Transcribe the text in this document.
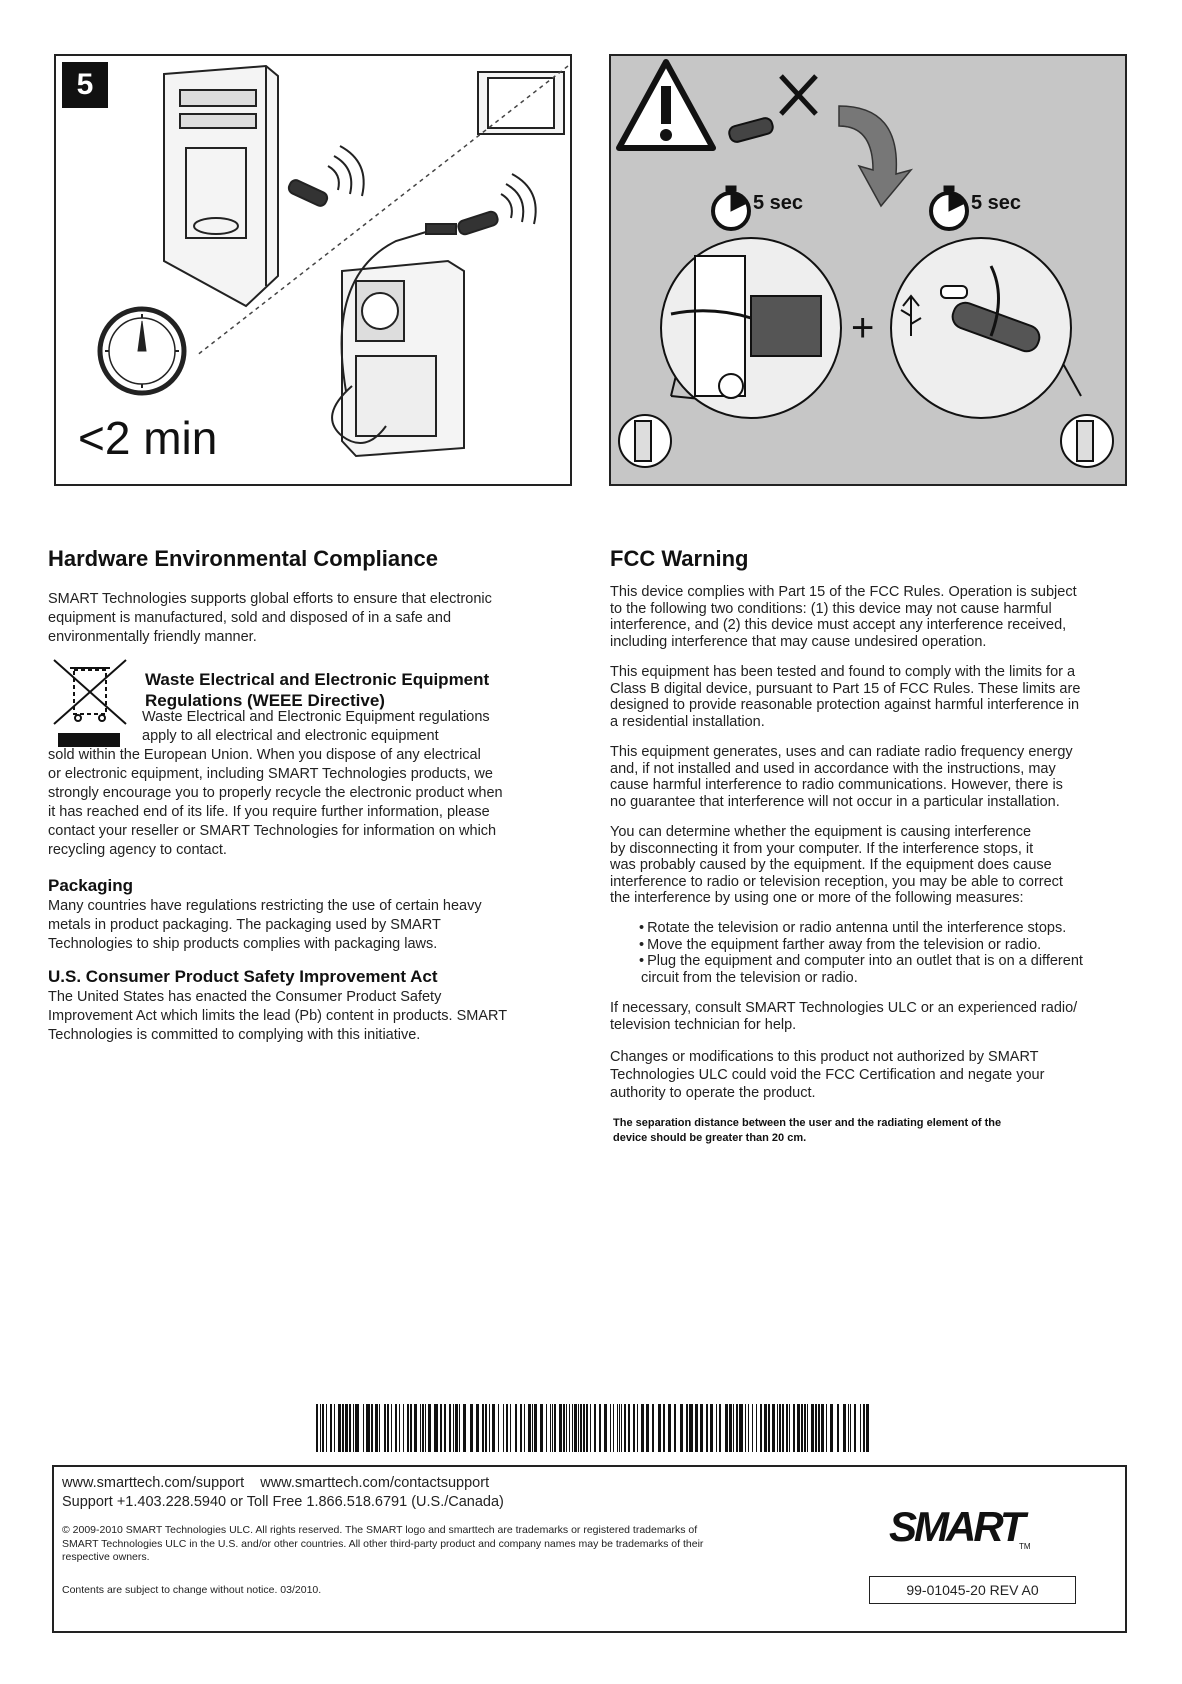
5
<2 min
5 sec	5 sec
+
Hardware Environmental Compliance

SMART Technologies supports global efforts to ensure that electronic
equipment is manufactured, sold and disposed of in a safe and
environmentally friendly manner.

Waste Electrical and Electronic Equipment
Regulations (WEEE Directive)

Waste Electrical and Electronic Equipment regulations
apply to all electrical and electronic equipment

sold within the European Union. When you dispose of any electrical
or electronic equipment, including SMART Technologies products, we
strongly encourage you to properly recycle the electronic product when
it has reached end of its life. If you require further information, please
contact your reseller or SMART Technologies for information on which
recycling agency to contact.

Packaging

Many countries have regulations restricting the use of certain heavy
metals in product packaging. The packaging used by SMART
Technologies to ship products complies with packaging laws.

U.S. Consumer Product Safety Improvement Act

The United States has enacted the Consumer Product Safety
Improvement Act which limits the lead (Pb) content in products. SMART
Technologies is committed to complying with this initiative.

FCC Warning

This device complies with Part 15 of the FCC Rules. Operation is subject
to the following two conditions: (1) this device may not cause harmful
interference, and (2) this device must accept any interference received,
including interference that may cause undesired operation.

This equipment has been tested and found to comply with the limits for a
Class B digital device, pursuant to Part 15 of FCC Rules. These limits are
designed to provide reasonable protection against harmful interference in
a residential installation.

This equipment generates, uses and can radiate radio frequency energy
and, if not installed and used in accordance with the instructions, may
cause harmful interference to radio communications. However, there is
no guarantee that interference will not occur in a particular installation.

You can determine whether the equipment is causing interference
by disconnecting it from your computer. If the interference stops, it
was probably caused by the equipment. If the equipment does cause
interference to radio or television reception, you may be able to correct
the interference by using one or more of the following measures:

• Rotate the television or radio antenna until the interference stops.
• Move the equipment farther away from the television or radio.
• Plug the equipment and computer into an outlet that is on a different
circuit from the television or radio.

If necessary, consult SMART Technologies ULC or an experienced radio/
television technician for help.

Changes or modifications to this product not authorized by SMART
Technologies ULC could void the FCC Certification and negate your
authority to operate the product.

The separation distance between the user and the radiating element of the
device should be greater than 20 cm.
www.smarttech.com/support    www.smarttech.com/contactsupport
Support +1.403.228.5940 or Toll Free 1.866.518.6791 (U.S./Canada)
© 2009-2010 SMART Technologies ULC. All rights reserved. The SMART logo and smarttech are trademarks or registered trademarks of
SMART Technologies ULC in the U.S. and/or other countries. All other third-party product and company names may be trademarks of their
respective owners.
Contents are subject to change without notice. 03/2010.
SMART
TM
99-01045-20 REV A0
